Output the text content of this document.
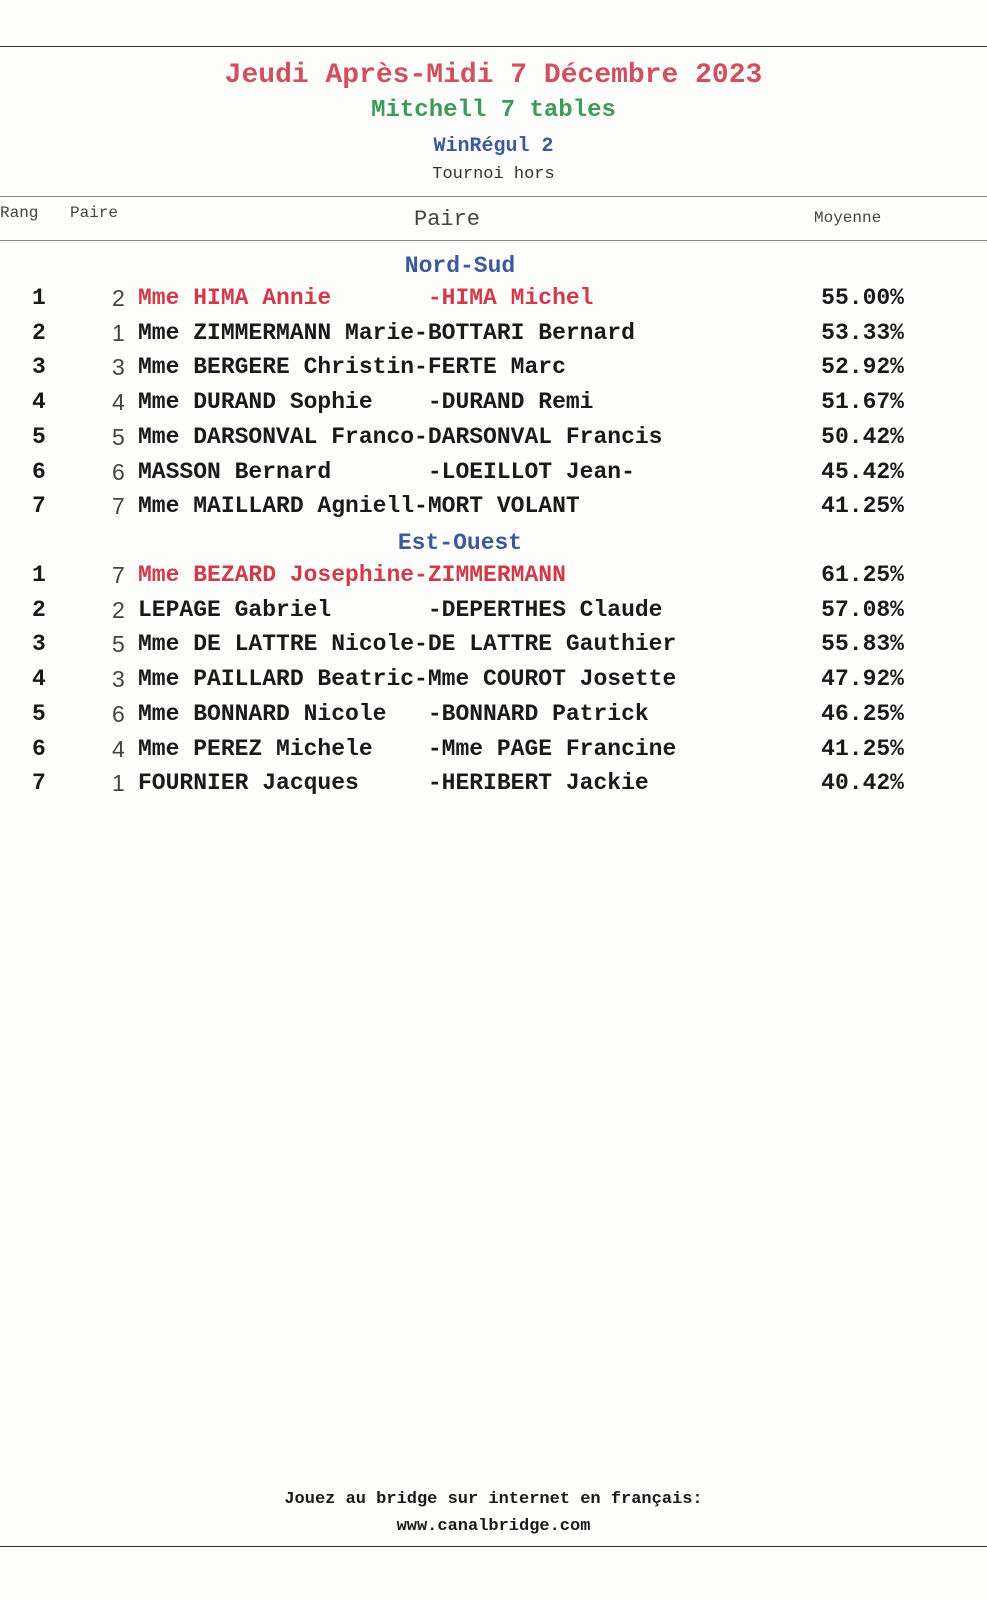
Jeudi Après-Midi 7 Décembre 2023
Mitchell 7 tables
WinRégul 2
Tournoi hors
Rang Paire	Paire	Moyenne
Nord-Sud
1	2 Mme HIMA Annie       -HIMA Michel	55.00%
2	1 Mme ZIMMERMANN Marie-BOTTARI Bernard	53.33%
3	3 Mme BERGERE Christin-FERTE Marc	52.92%
4	4 Mme DURAND Sophie    -DURAND Remi	51.67%
5	5 Mme DARSONVAL Franco-DARSONVAL Francis	50.42%
6	6 MASSON Bernard       -LOEILLOT Jean-	45.42%
7	7 Mme MAILLARD Agniell-MORT VOLANT	41.25%
Est-Ouest
1	7 Mme BEZARD Josephine-ZIMMERMANN	61.25%
2	2 LEPAGE Gabriel       -DEPERTHES Claude	57.08%
3	5 Mme DE LATTRE Nicole-DE LATTRE Gauthier	55.83%
4	3 Mme PAILLARD Beatric-Mme COUROT Josette	47.92%
5	6 Mme BONNARD Nicole   -BONNARD Patrick	46.25%
6	4 Mme PEREZ Michele    -Mme PAGE Francine	41.25%
7	1 FOURNIER Jacques     -HERIBERT Jackie	40.42%
Jouez au bridge sur internet en français:
www.canalbridge.com
